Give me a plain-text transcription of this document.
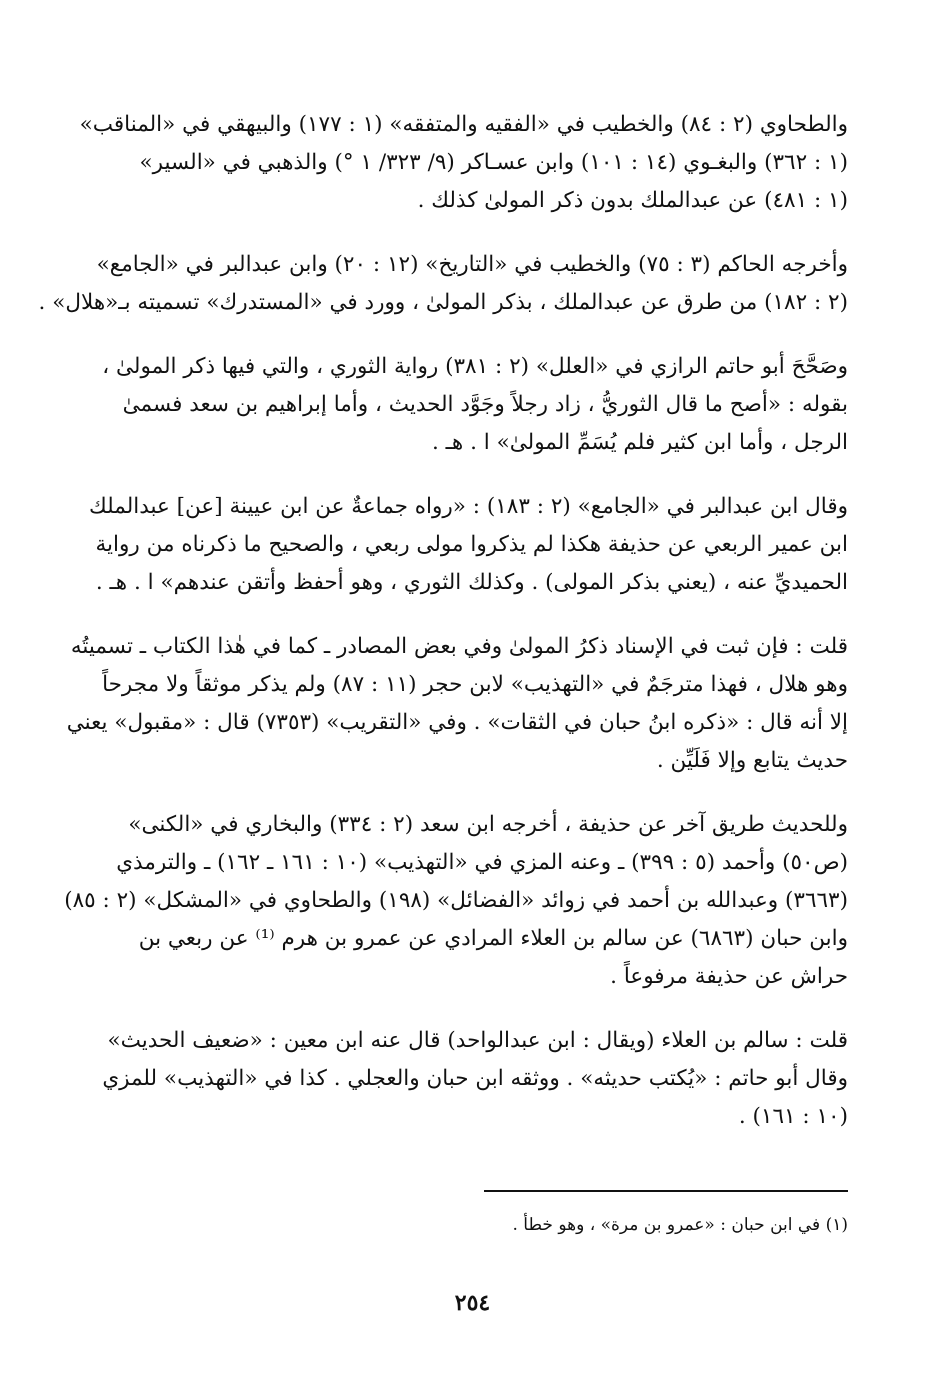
والطحاوي (٢ : ٨٤) والخطيب في «الفقيه والمتفقه» (١ : ١٧٧) والبيهقي في «المناقب»
(١ : ٣٦٢) والبغـوي (١٤ : ١٠١) وابن عسـاكر (٩/ ٣٢٣/ ١ °) والذهبي في «السير»
(١ : ٤٨١) عن عبدالملك بدون ذكر المولىٰ كذلك .

وأخرجه الحاكم (٣ : ٧٥) والخطيب في «التاريخ» (١٢ : ٢٠) وابن عبدالبر في «الجامع»
(٢ : ١٨٢) من طرق عن عبدالملك ، بذكر المولىٰ ، وورد في «المستدرك» تسميته بـ«هلال» .

وصَحَّحَ أبو حاتم الرازي في «العلل» (٢ : ٣٨١) رواية الثوري ، والتي فيها ذكر المولىٰ ،
بقوله : «أصح ما قال الثوريُّ ، زاد رجلاً وجَوَّد الحديث ، وأما إبراهيم بن سعد فسمىٰ
الرجل ، وأما ابن كثير فلم يُسَمِّ المولىٰ» ا . هـ .

وقال ابن عبدالبر في «الجامع» (٢ : ١٨٣) : «رواه جماعةٌ عن ابن عيينة [عن] عبدالملك
ابن عمير الربعي عن حذيفة هكذا لم يذكروا مولى ربعي ، والصحيح ما ذكرناه من رواية
الحميديِّ عنه ، (يعني بذكر المولى) . وكذلك الثوري ، وهو أحفظ وأتقن عندهم» ا . هـ .

قلت : فإن ثبت في الإسناد ذكرُ المولىٰ وفي بعض المصادر ـ كما في هٰذا الكتاب ـ تسميتُه
وهو هلال ، فهذا مترجَمٌ في «التهذيب» لابن حجر (١١ : ٨٧) ولم يذكر موثقاً ولا مجرحاً
إلا أنه قال : «ذكره ابنُ حبان في الثقات» . وفي «التقريب» (٧٣٥٣) قال : «مقبول» يعني
حديث يتابع وإلا فَلَيِّن .

وللحديث طريق آخر عن حذيفة ، أخرجه ابن سعد (٢ : ٣٣٤) والبخاري في «الكنى»
(ص٥٠) وأحمد (٥ : ٣٩٩) ـ وعنه المزي في «التهذيب» (١٠ : ١٦١ ـ ١٦٢) ـ والترمذي
(٣٦٦٣) وعبدالله بن أحمد في زوائد «الفضائل» (١٩٨) والطحاوي في «المشكل» (٢ : ٨٥)
وابن حبان (٦٨٦٣) عن سالم بن العلاء المرادي عن عمرو بن هرم ⁽¹⁾ عن ربعي بن
حراش عن حذيفة مرفوعاً .

قلت : سالم بن العلاء (ويقال : ابن عبدالواحد) قال عنه ابن معين : «ضعيف الحديث»
وقال أبو حاتم : «يُكتب حديثه» . ووثقه ابن حبان والعجلي . كذا في «التهذيب» للمزي
(١٠ : ١٦١) .

(١) في ابن حبان : «عمرو بن مرة» ، وهو خطأ .
٢٥٤
